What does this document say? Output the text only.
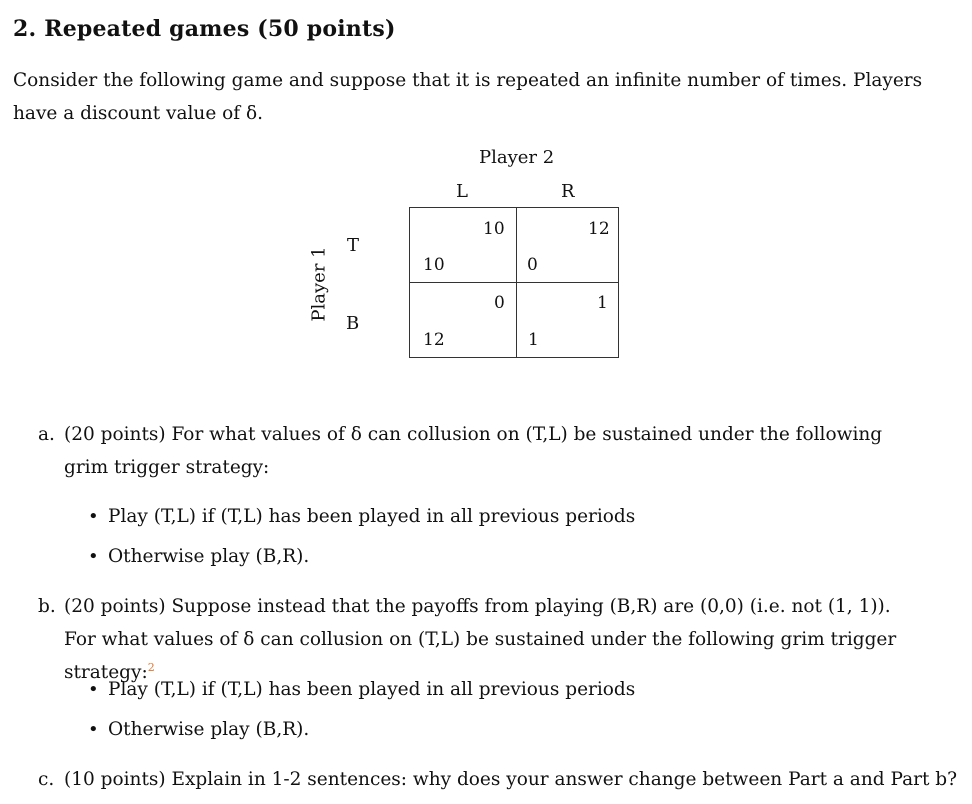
2. Repeated games (50 points)

Consider the following game and suppose that it is repeated an infinite number of times. Players have a discount value of δ.

Player 2
L	R
Player 1
T
B
10
10
12
0
0
12
1
1
a. (20 points) For what values of δ can collusion on (T,L) be sustained under the following grim trigger strategy:
• Play (T,L) if (T,L) has been played in all previous periods
• Otherwise play (B,R).
b. (20 points) Suppose instead that the payoffs from playing (B,R) are (0,0) (i.e. not (1, 1)). For what values of δ can collusion on (T,L) be sustained under the following grim trigger strategy:$^2$
• Play (T,L) if (T,L) has been played in all previous periods
• Otherwise play (B,R).
c. (10 points) Explain in 1-2 sentences: why does your answer change between Part a and Part b?
